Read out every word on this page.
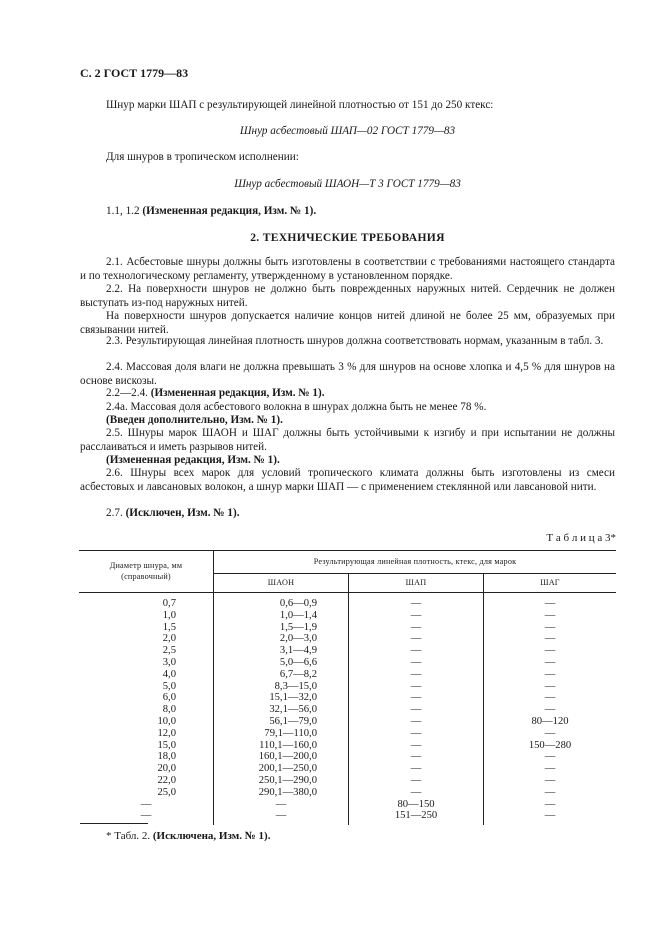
С. 2 ГОСТ 1779—83

Шнур марки ШАП с результирующей линейной плотностью от 151 до 250 ктекс:

Шнур асбестовый ШАП—02 ГОСТ 1779—83

Для шнуров в тропическом исполнении:

Шнур асбестовый ШАОН—Т 3 ГОСТ 1779—83

1.1, 1.2 (Измененная редакция, Изм. № 1).

2. ТЕХНИЧЕСКИЕ ТРЕБОВАНИЯ

2.1. Асбестовые шнуры должны быть изготовлены в соответствии с требованиями настоящего стандарта и по технологическому регламенту, утвержденному в установленном порядке.

2.2. На поверхности шнуров не должно быть поврежденных наружных нитей. Сердечник не должен выступать из-под наружных нитей.

На поверхности шнуров допускается наличие концов нитей длиной не более 25 мм, образуемых при связывании нитей.

2.3. Результирующая линейная плотность шнуров должна соответствовать нормам, указанным в табл. 3.

2.4. Массовая доля влаги не должна превышать 3 % для шнуров на основе хлопка и 4,5 % для шнуров на основе вискозы.

2.2—2.4. (Измененная редакция, Изм. № 1).

2.4а. Массовая доля асбестового волокна в шнурах должна быть не менее 78 %.

(Введен дополнительно, Изм. № 1).

2.5. Шнуры марок ШАОН и ШАГ должны быть устойчивыми к изгибу и при испытании не должны расслаиваться и иметь разрывов нитей.

(Измененная редакция, Изм. № 1).

2.6. Шнуры всех марок для условий тропического климата должны быть изготовлены из смеси асбестовых и лавсановых волокон, а шнур марки ШАП — с применением стеклянной или лавсановой нити.

2.7. (Исключен, Изм. № 1).

Т а б л и ц а 3*
Диаметр шнура, мм (справочный)	Результирующая линейная плотность, ктекс, для марок		
	ШАОН	ШАП	ШАГ
0,7	0,6—0,9	—	—
1,0	1,0—1,4	—	—
1,5	1,5—1,9	—	—
2,0	2,0—3,0	—	—
2,5	3,1—4,9	—	—
3,0	5,0—6,6	—	—
4,0	6,7—8,2	—	—
5,0	8,3—15,0	—	—
6,0	15,1—32,0	—	—
8,0	32,1—56,0	—	—
10,0	56,1—79,0	—	80—120
12,0	79,1—110,0	—	—
15,0	110,1—160,0	—	150—280
18,0	160,1—200,0	—	—
20,0	200,1—250,0	—	—
22,0	250,1—290,0	—	—
25,0	290,1—380,0	—	—
—	—	80—150	—
—	—	151—250	—
* Табл. 2. (Исключена, Изм. № 1).
